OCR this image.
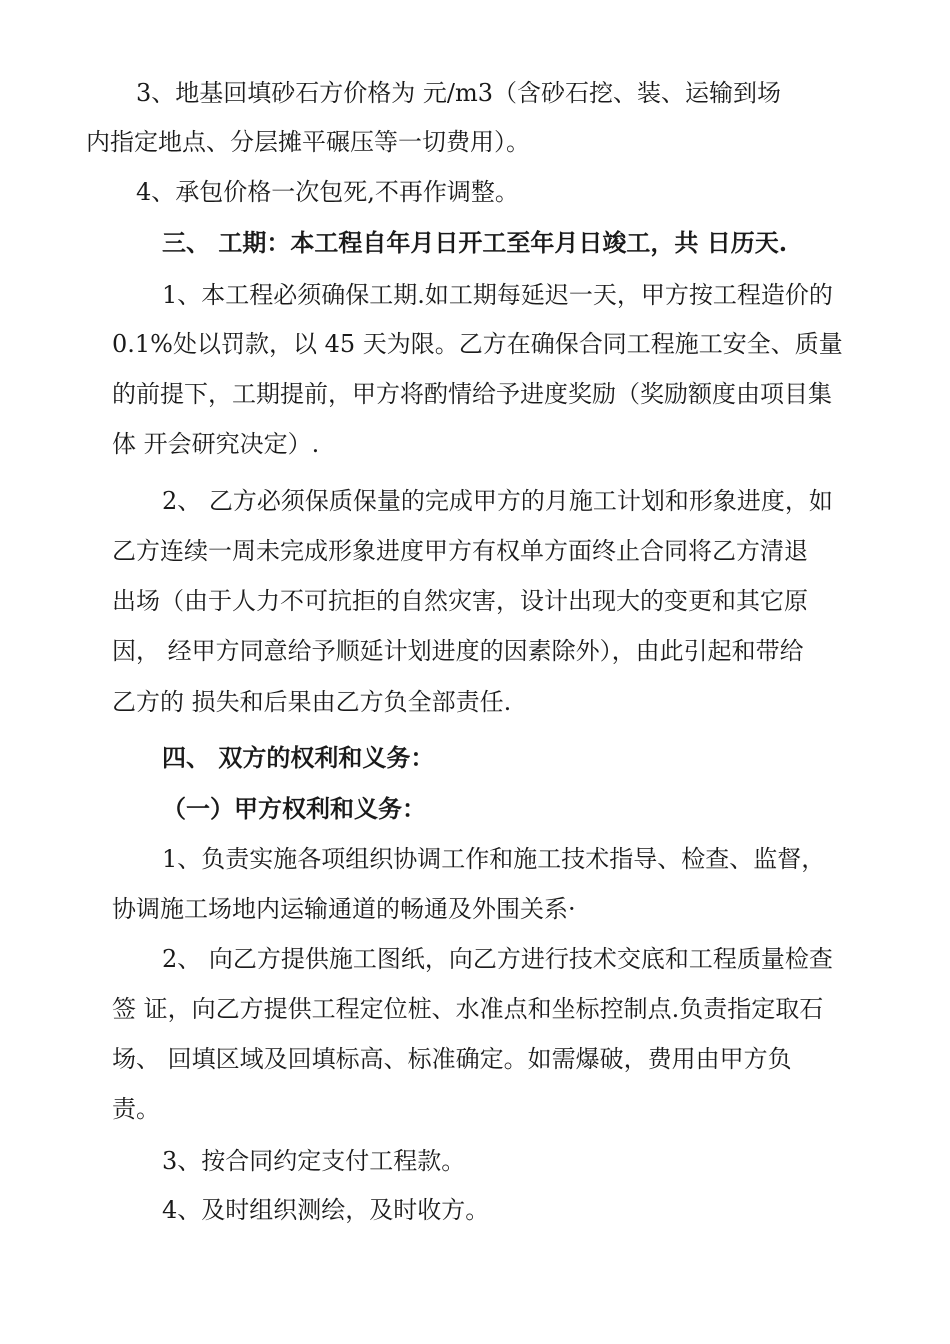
3、地基回填砂石方价格为 元/m3（含砂石挖、装、运输到场

内指定地点、分层摊平碾压等一切费用）。

4、承包价格一次包死,不再作调整。

三、 工期：本工程自年月日开工至年月日竣工，共 日历天.

1、本工程必须确保工期.如工期每延迟一天，甲方按工程造价的

0.1%处以罚款，以 45 天为限。乙方在确保合同工程施工安全、质量

的前提下，工期提前，甲方将酌情给予进度奖励（奖励额度由项目集

体 开会研究决定）.

2、 乙方必须保质保量的完成甲方的月施工计划和形象进度，如

乙方连续一周未完成形象进度甲方有权单方面终止合同将乙方清退

出场（由于人力不可抗拒的自然灾害，设计出现大的变更和其它原

因， 经甲方同意给予顺延计划进度的因素除外），由此引起和带给

乙方的 损失和后果由乙方负全部责任.

四、 双方的权利和义务：

（一）甲方权利和义务：

1、负责实施各项组织协调工作和施工技术指导、检查、监督，

协调施工场地内运输通道的畅通及外围关系·

2、 向乙方提供施工图纸，向乙方进行技术交底和工程质量检查

签 证，向乙方提供工程定位桩、水准点和坐标控制点.负责指定取石

场、 回填区域及回填标高、标准确定。如需爆破，费用由甲方负

责。

3、按合同约定支付工程款。

4、及时组织测绘，及时收方。
